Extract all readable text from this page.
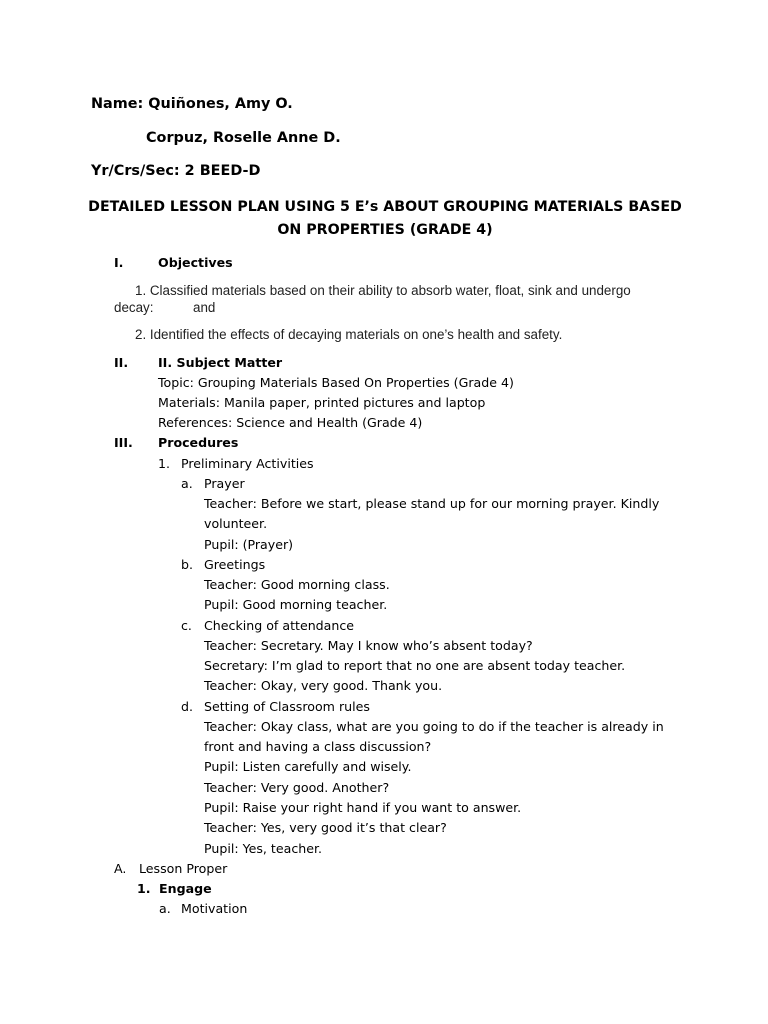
Name: Quiñones, Amy O.
Corpuz, Roselle Anne D.
Yr/Crs/Sec: 2 BEED-D
DETAILED LESSON PLAN USING 5 E’s ABOUT GROUPING MATERIALS BASED ON PROPERTIES (GRADE 4)
I.	Objectives
1. Classified materials based on their ability to absorb water, float, sink and undergo
decay:	and
2. Identified the effects of decaying materials on one’s health and safety.
II. II. Subject Matter
Topic: Grouping Materials Based On Properties (Grade 4)
Materials: Manila paper, printed pictures and laptop
References: Science and Health (Grade 4)
III. Procedures
1. Preliminary Activities
a. Prayer
Teacher: Before we start, please stand up for our morning prayer. Kindly
volunteer.
Pupil: (Prayer)
b. Greetings
Teacher: Good morning class.
Pupil: Good morning teacher.
c. Checking of attendance
Teacher: Secretary. May I know who’s absent today?
Secretary: I’m glad to report that no one are absent today teacher.
Teacher: Okay, very good. Thank you.
d. Setting of Classroom rules
Teacher: Okay class, what are you going to do if the teacher is already in
front and having a class discussion?
Pupil: Listen carefully and wisely.
Teacher: Very good. Another?
Pupil: Raise your right hand if you want to answer.
Teacher: Yes, very good it’s that clear?
Pupil: Yes, teacher.
A. Lesson Proper
1. Engage
a. Motivation
